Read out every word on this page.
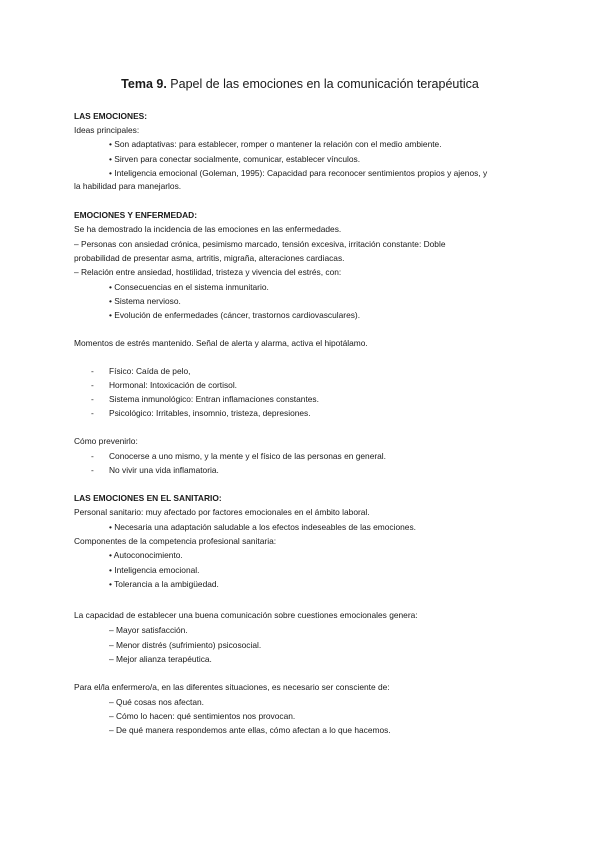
Tema 9. Papel de las emociones en la comunicación terapéutica
LAS EMOCIONES:
Ideas principales:
• Son adaptativas: para establecer, romper o mantener la relación con el medio ambiente.
• Sirven para conectar socialmente, comunicar, establecer vínculos.
• Inteligencia emocional (Goleman, 1995): Capacidad para reconocer sentimientos propios y ajenos, y
la habilidad para manejarlos.
EMOCIONES Y ENFERMEDAD:
Se ha demostrado la incidencia de las emociones en las enfermedades.
– Personas con ansiedad crónica, pesimismo marcado, tensión excesiva, irritación constante: Doble
probabilidad de presentar asma, artritis, migraña, alteraciones cardiacas.
– Relación entre ansiedad, hostilidad, tristeza y vivencia del estrés, con:
• Consecuencias en el sistema inmunitario.
• Sistema nervioso.
• Evolución de enfermedades (cáncer, trastornos cardiovasculares).
Momentos de estrés mantenido. Señal de alerta y alarma, activa el hipotálamo.
- Físico: Caída de pelo,
- Hormonal: Intoxicación de cortisol.
- Sistema inmunológico: Entran inflamaciones constantes.
- Psicológico: Irritables, insomnio, tristeza, depresiones.
Cómo prevenirlo:
- Conocerse a uno mismo, y la mente y el físico de las personas en general.
- No vivir una vida inflamatoria.
LAS EMOCIONES EN EL SANITARIO:
Personal sanitario: muy afectado por factores emocionales en el ámbito laboral.
• Necesaria una adaptación saludable a los efectos indeseables de las emociones.
Componentes de la competencia profesional sanitaria:
• Autoconocimiento.
• Inteligencia emocional.
• Tolerancia a la ambigüedad.
La capacidad de establecer una buena comunicación sobre cuestiones emocionales genera:
– Mayor satisfacción.
– Menor distrés (sufrimiento) psicosocial.
– Mejor alianza terapéutica.
Para el/la enfermero/a, en las diferentes situaciones, es necesario ser consciente de:
– Qué cosas nos afectan.
– Cómo lo hacen: qué sentimientos nos provocan.
– De qué manera respondemos ante ellas, cómo afectan a lo que hacemos.
